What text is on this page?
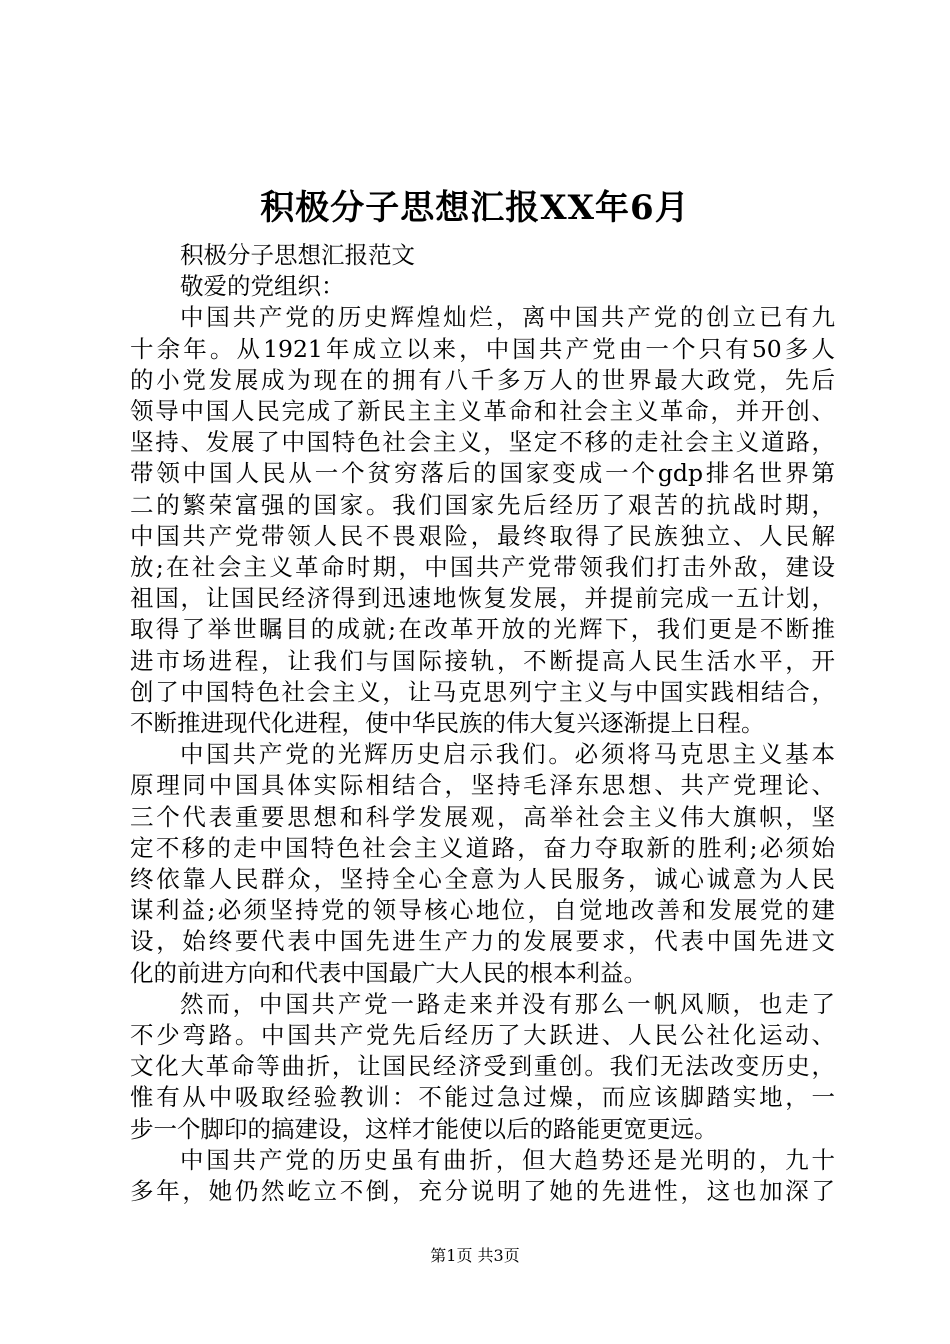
积极分子思想汇报XX年6月
积极分子思想汇报范文
敬爱的党组织：
中国共产党的历史辉煌灿烂，离中国共产党的创立已有九
十余年。从1921年成立以来，中国共产党由一个只有50多人
的小党发展成为现在的拥有八千多万人的世界最大政党，先后
领导中国人民完成了新民主主义革命和社会主义革命，并开创、
坚持、发展了中国特色社会主义，坚定不移的走社会主义道路，
带领中国人民从一个贫穷落后的国家变成一个gdp排名世界第
二的繁荣富强的国家。我们国家先后经历了艰苦的抗战时期，
中国共产党带领人民不畏艰险，最终取得了民族独立、人民解
放;在社会主义革命时期，中国共产党带领我们打击外敌，建设
祖国，让国民经济得到迅速地恢复发展，并提前完成一五计划，
取得了举世瞩目的成就;在改革开放的光辉下，我们更是不断推
进市场进程，让我们与国际接轨，不断提高人民生活水平，开
创了中国特色社会主义，让马克思列宁主义与中国实践相结合，
不断推进现代化进程，使中华民族的伟大复兴逐渐提上日程。
中国共产党的光辉历史启示我们。必须将马克思主义基本
原理同中国具体实际相结合，坚持毛泽东思想、共产党理论、
三个代表重要思想和科学发展观，高举社会主义伟大旗帜，坚
定不移的走中国特色社会主义道路，奋力夺取新的胜利;必须始
终依靠人民群众，坚持全心全意为人民服务，诚心诚意为人民
谋利益;必须坚持党的领导核心地位，自觉地改善和发展党的建
设，始终要代表中国先进生产力的发展要求，代表中国先进文
化的前进方向和代表中国最广大人民的根本利益。
然而，中国共产党一路走来并没有那么一帆风顺，也走了
不少弯路。中国共产党先后经历了大跃进、人民公社化运动、
文化大革命等曲折，让国民经济受到重创。我们无法改变历史，
惟有从中吸取经验教训：不能过急过燥，而应该脚踏实地，一
步一个脚印的搞建设，这样才能使以后的路能更宽更远。
中国共产党的历史虽有曲折，但大趋势还是光明的，九十
多年，她仍然屹立不倒，充分说明了她的先进性，这也加深了
第1页 共3页
